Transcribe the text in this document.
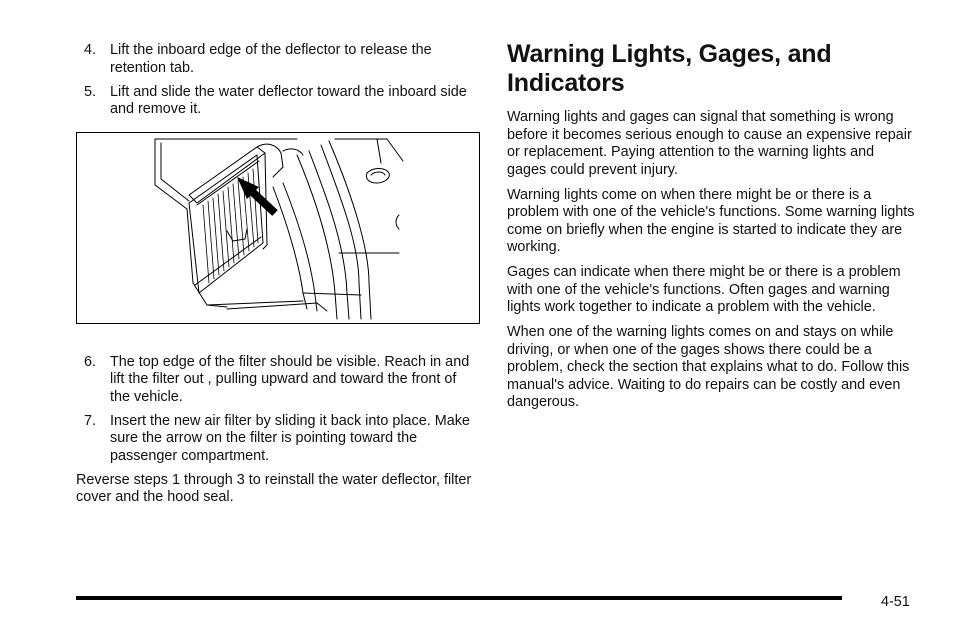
4. Lift the inboard edge of the deflector to release the retention tab.
5. Lift and slide the water deflector toward the inboard side and remove it.
6. The top edge of the filter should be visible. Reach in and lift the filter out , pulling upward and toward the front of the vehicle.
7. Insert the new air filter by sliding it back into place. Make sure the arrow on the filter is pointing toward the passenger compartment.

Reverse steps 1 through 3 to reinstall the water deflector, filter cover and the hood seal.

Warning Lights, Gages, and Indicators

Warning lights and gages can signal that something is wrong before it becomes serious enough to cause an expensive repair or replacement. Paying attention to the warning lights and gages could prevent injury.

Warning lights come on when there might be or there is a problem with one of the vehicle's functions. Some warning lights come on briefly when the engine is started to indicate they are working.

Gages can indicate when there might be or there is a problem with one of the vehicle's functions. Often gages and warning lights work together to indicate a problem with the vehicle.

When one of the warning lights comes on and stays on while driving, or when one of the gages shows there could be a problem, check the section that explains what to do. Follow this manual's advice. Waiting to do repairs can be costly and even dangerous.

4-51
